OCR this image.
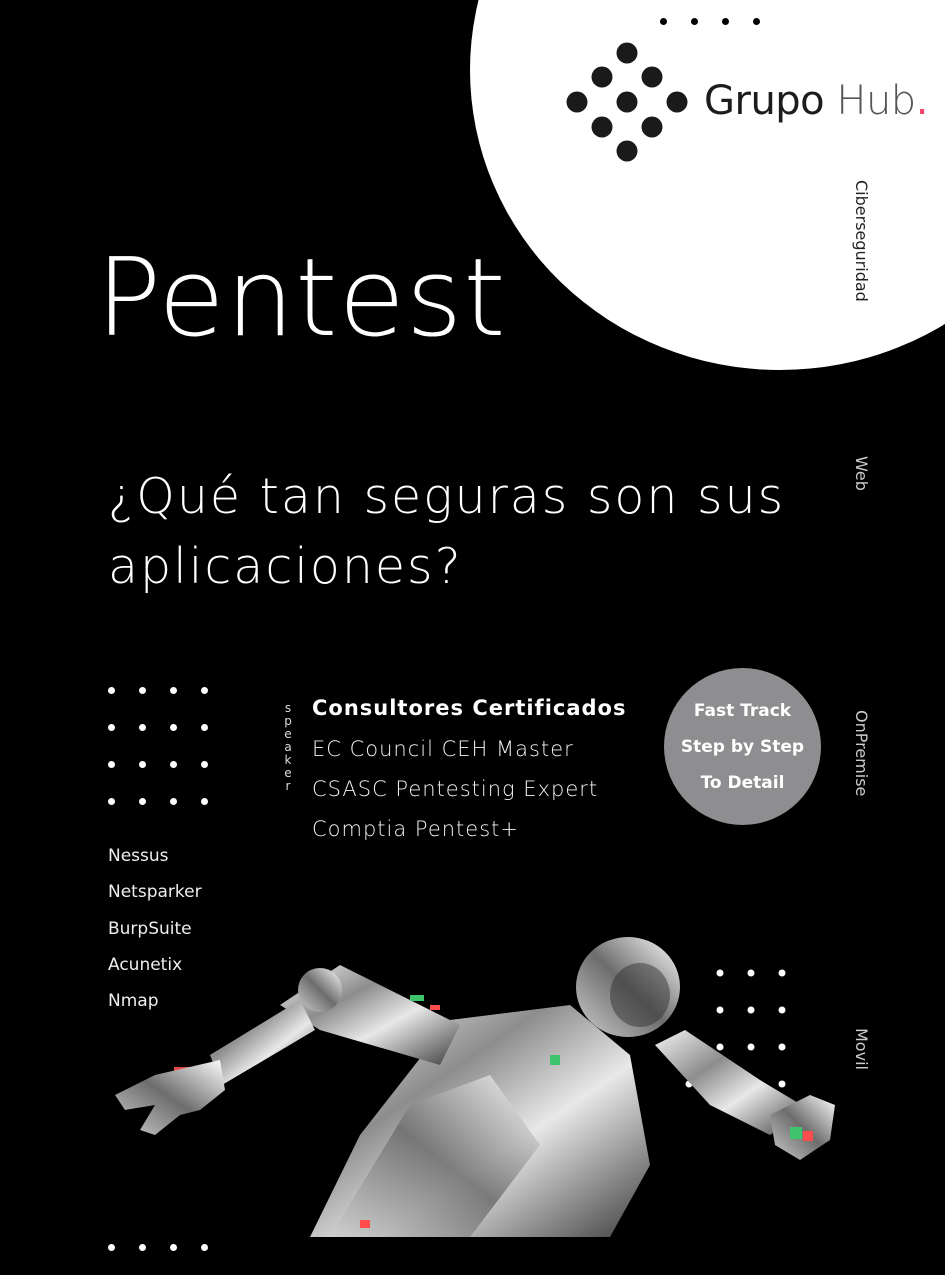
Grupo Hub.
Pentest

¿Qué tan seguras son sus aplicaciones?

Ciberseguridad
Web
OnPremise
Movil
speaker
Consultores Certificados
EC Council CEH Master
CSASC Pentesting Expert
Comptia Pentest+
Fast Track
Step by Step
To Detail
Nessus
Netsparker
BurpSuite
Acunetix
Nmap
